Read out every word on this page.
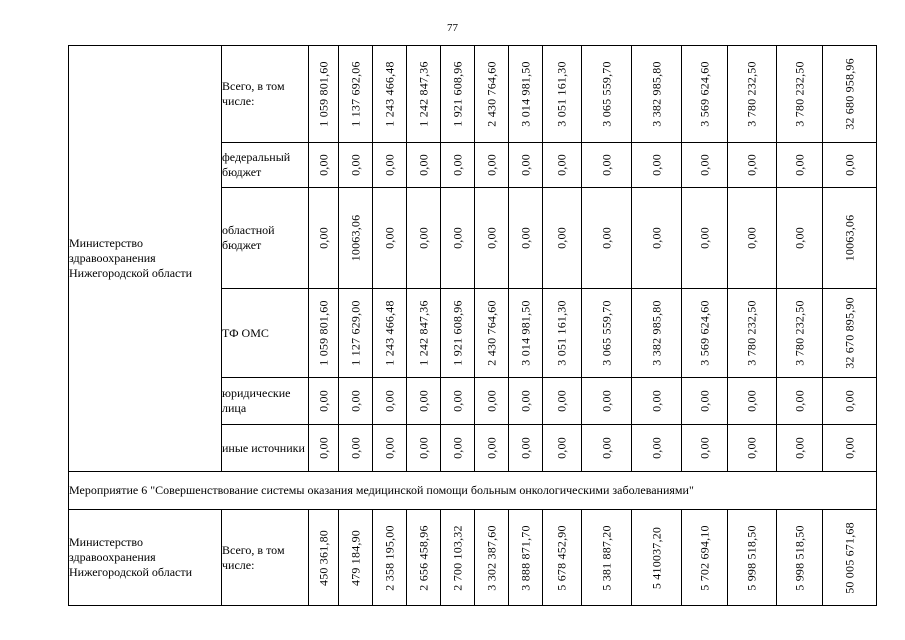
77
Министерство здравоохранения Нижегородской области	Всего, в том числе:	1 059 801,60	1 137 692,06	1 243 466,48	1 242 847,36	1 921 608,96	2 430 764,60	3 014 981,50	3 051 161,30	3 065 559,70	3 382 985,80	3 569 624,60	3 780 232,50	3 780 232,50	32 680 958,96

	федеральный бюджет	0,00	0,00	0,00	0,00	0,00	0,00	0,00	0,00	0,00	0,00	0,00	0,00	0,00	0,00

	областной бюджет	0,00	10063,06	0,00	0,00	0,00	0,00	0,00	0,00	0,00	0,00	0,00	0,00	0,00	10063,06

	ТФ ОМС	1 059 801,60	1 127 629,00	1 243 466,48	1 242 847,36	1 921 608,96	2 430 764,60	3 014 981,50	3 051 161,30	3 065 559,70	3 382 985,80	3 569 624,60	3 780 232,50	3 780 232,50	32 670 895,90

	юридические лица	0,00	0,00	0,00	0,00	0,00	0,00	0,00	0,00	0,00	0,00	0,00	0,00	0,00	0,00

	иные источники	0,00	0,00	0,00	0,00	0,00	0,00	0,00	0,00	0,00	0,00	0,00	0,00	0,00	0,00

Мероприятие 6 "Совершенствование системы оказания медицинской помощи больным онкологическими заболеваниями"															
Министерство здравоохранения Нижегородской области	Всего, в том числе:	450 361,80	479 184,90	2 358 195,00	2 656 458,96	2 700 103,32	3 302 387,60	3 888 871,70	5 678 452,90	5 381 887,20	5 410037,20	5 702 694,10	5 998 518,50	5 998 518,50	50 005 671,68
